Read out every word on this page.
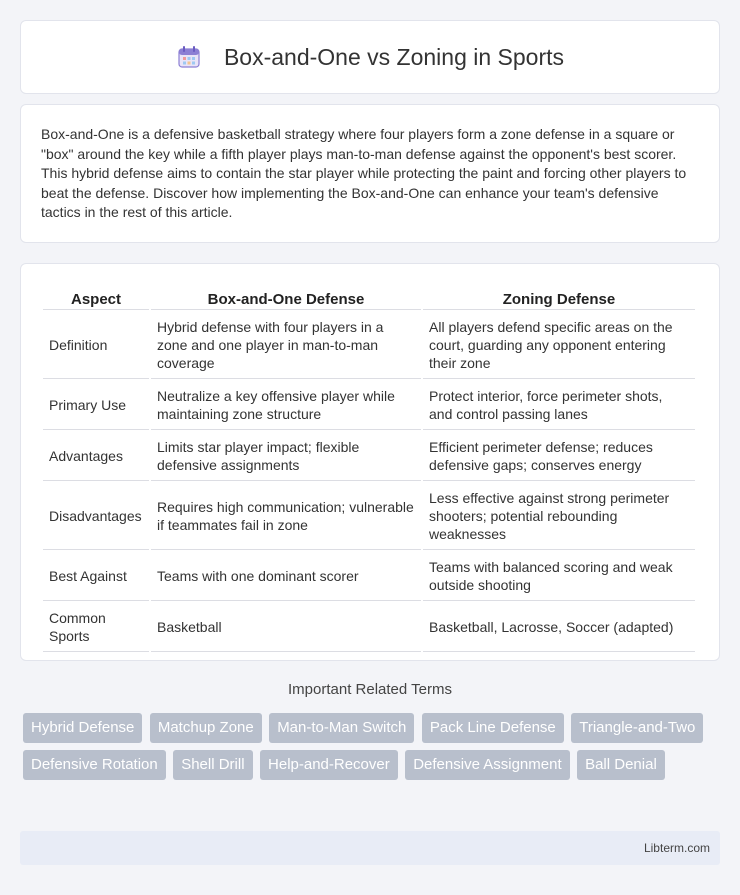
Box-and-One vs Zoning in Sports

Box-and-One is a defensive basketball strategy where four players form a zone defense in a square or "box" around the key while a fifth player plays man-to-man defense against the opponent's best scorer. This hybrid defense aims to contain the star player while protecting the paint and forcing other players to beat the defense. Discover how implementing the Box-and-One can enhance your team's defensive tactics in the rest of this article.

Aspect	Box-and-One Defense	Zoning Defense
Definition	Hybrid defense with four players in a zone and one player in man-to-man coverage	All players defend specific areas on the court, guarding any opponent entering their zone
Primary Use	Neutralize a key offensive player while maintaining zone structure	Protect interior, force perimeter shots, and control passing lanes
Advantages	Limits star player impact; flexible defensive assignments	Efficient perimeter defense; reduces defensive gaps; conserves energy
Disadvantages	Requires high communication; vulnerable if teammates fail in zone	Less effective against strong perimeter shooters; potential rebounding weaknesses
Best Against	Teams with one dominant scorer	Teams with balanced scoring and weak outside shooting
Common Sports	Basketball	Basketball, Lacrosse, Soccer (adapted)
Important Related Terms
Hybrid Defense Matchup Zone Man-to-Man Switch Pack Line Defense Triangle-and-Two Defensive Rotation Shell Drill Help-and-Recover Defensive Assignment Ball Denial
Libterm.com
